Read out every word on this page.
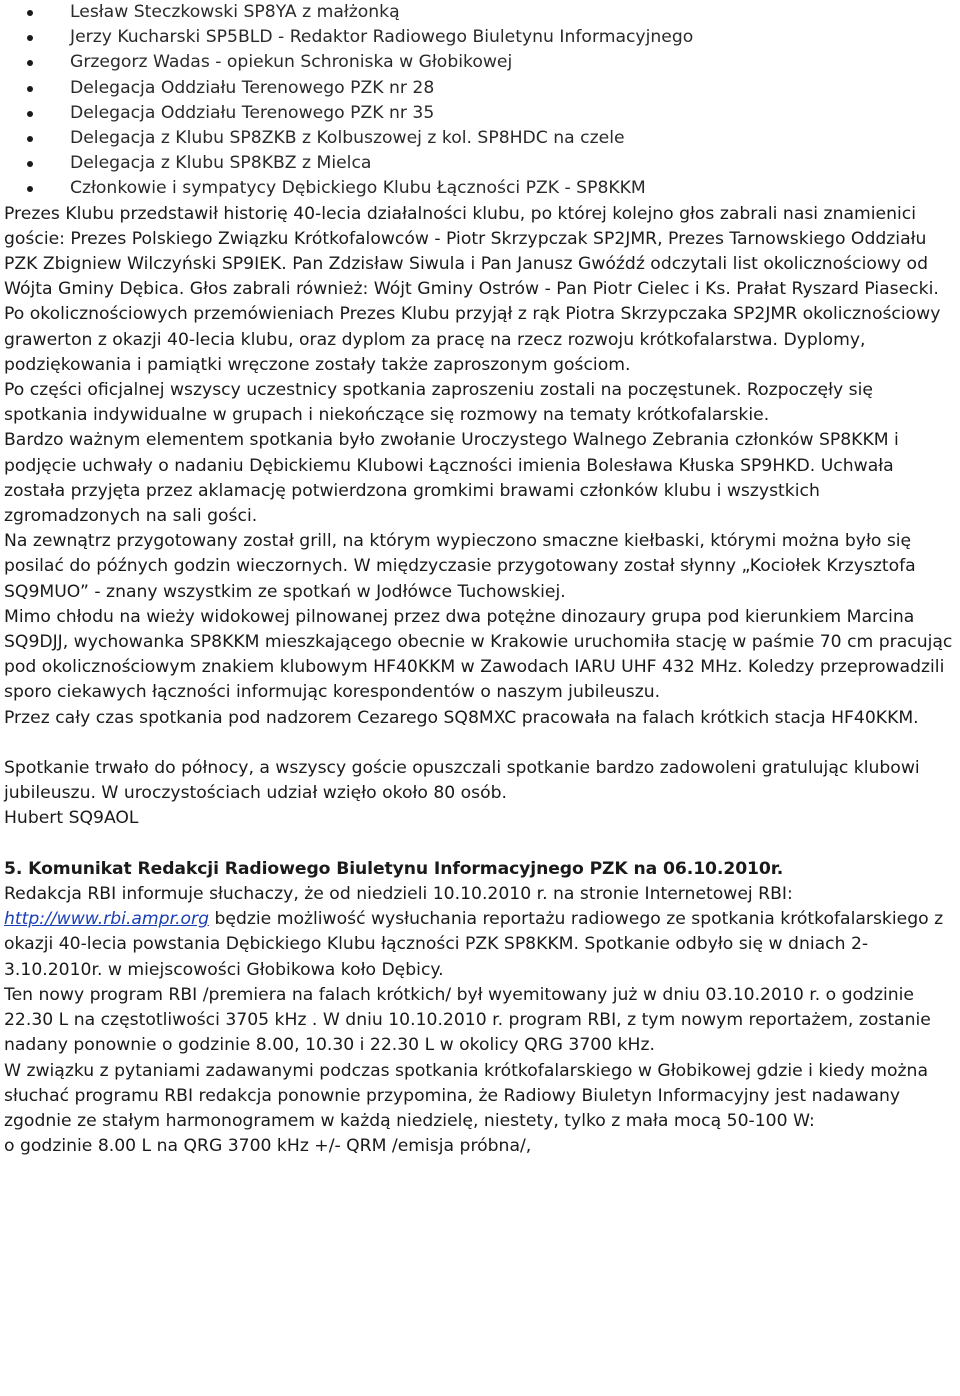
Lesław Steczkowski SP8YA z małżonką
Jerzy Kucharski SP5BLD - Redaktor Radiowego Biuletynu Informacyjnego
Grzegorz Wadas - opiekun Schroniska w Głobikowej
Delegacja Oddziału Terenowego PZK nr 28
Delegacja Oddziału Terenowego PZK nr 35
Delegacja z Klubu SP8ZKB z Kolbuszowej z kol. SP8HDC na czele
Delegacja z Klubu SP8KBZ z Mielca
Członkowie i sympatycy Dębickiego Klubu Łączności PZK - SP8KKM

Prezes Klubu przedstawił historię 40-lecia działalności klubu, po której kolejno głos zabrali nasi znamienici goście: Prezes Polskiego Związku Krótkofalowców - Piotr Skrzypczak SP2JMR, Prezes Tarnowskiego Oddziału PZK Zbigniew Wilczyński SP9IEK. Pan Zdzisław Siwula i Pan Janusz Gwóźdź odczytali list okolicznościowy od Wójta Gminy Dębica. Głos zabrali również: Wójt Gminy Ostrów - Pan Piotr Cielec i Ks. Prałat Ryszard Piasecki.

Po okolicznościowych przemówieniach Prezes Klubu przyjął z rąk Piotra Skrzypczaka SP2JMR okolicznościowy grawerton z okazji 40-lecia klubu, oraz dyplom za pracę na rzecz rozwoju krótkofalarstwa. Dyplomy, podziękowania i pamiątki wręczone zostały także zaproszonym gościom.

Po części oficjalnej wszyscy uczestnicy spotkania zaproszeniu zostali na poczęstunek. Rozpoczęły się spotkania indywidualne w grupach i niekończące się rozmowy na tematy krótkofalarskie.

Bardzo ważnym elementem spotkania było zwołanie Uroczystego Walnego Zebrania członków SP8KKM i podjęcie uchwały o nadaniu Dębickiemu Klubowi Łączności imienia Bolesława Kłuska SP9HKD. Uchwała została przyjęta przez aklamację potwierdzona gromkimi brawami członków klubu i wszystkich zgromadzonych na sali gości.

Na zewnątrz przygotowany został grill, na którym wypieczono smaczne kiełbaski, którymi można było się posilać do późnych godzin wieczornych. W międzyczasie przygotowany został słynny „Kociołek Krzysztofa SQ9MUO” - znany wszystkim ze spotkań w Jodłówce Tuchowskiej.

Mimo chłodu na wieży widokowej pilnowanej przez dwa potężne dinozaury grupa pod kierunkiem Marcina SQ9DJJ, wychowanka SP8KKM mieszkającego obecnie w Krakowie uruchomiła stację w paśmie 70 cm pracując pod okolicznościowym znakiem klubowym HF40KKM w Zawodach IARU UHF 432 MHz. Koledzy przeprowadzili sporo ciekawych łączności informując korespondentów o naszym jubileuszu.

Przez cały czas spotkania pod nadzorem Cezarego SQ8MXC pracowała na falach krótkich stacja HF40KKM.

Spotkanie trwało do północy, a wszyscy goście opuszczali spotkanie bardzo zadowoleni gratulując klubowi jubileuszu. W uroczystościach udział wzięło około 80 osób.

Hubert SQ9AOL

5. Komunikat Redakcji Radiowego Biuletynu Informacyjnego PZK na 06.10.2010r.

Redakcja RBI informuje słuchaczy, że od niedzieli 10.10.2010 r. na stronie Internetowej RBI: http://www.rbi.ampr.org będzie możliwość wysłuchania reportażu radiowego ze spotkania krótkofalarskiego z okazji 40-lecia powstania Dębickiego Klubu łączności PZK SP8KKM. Spotkanie odbyło się w dniach 2-3.10.2010r. w miejscowości Głobikowa koło Dębicy.

Ten nowy program RBI /premiera na falach krótkich/ był wyemitowany już w dniu 03.10.2010 r. o godzinie 22.30 L na częstotliwości 3705 kHz . W dniu 10.10.2010 r. program RBI, z tym nowym reportażem, zostanie nadany ponownie o godzinie 8.00, 10.30 i 22.30 L w okolicy QRG 3700 kHz.

W związku z pytaniami zadawanymi podczas spotkania krótkofalarskiego w Głobikowej gdzie i kiedy można słuchać programu RBI redakcja ponownie przypomina, że Radiowy Biuletyn Informacyjny jest nadawany zgodnie ze stałym harmonogramem w każdą niedzielę, niestety, tylko z mała mocą 50-100 W:

o godzinie 8.00 L na QRG 3700 kHz +/- QRM /emisja próbna/,
